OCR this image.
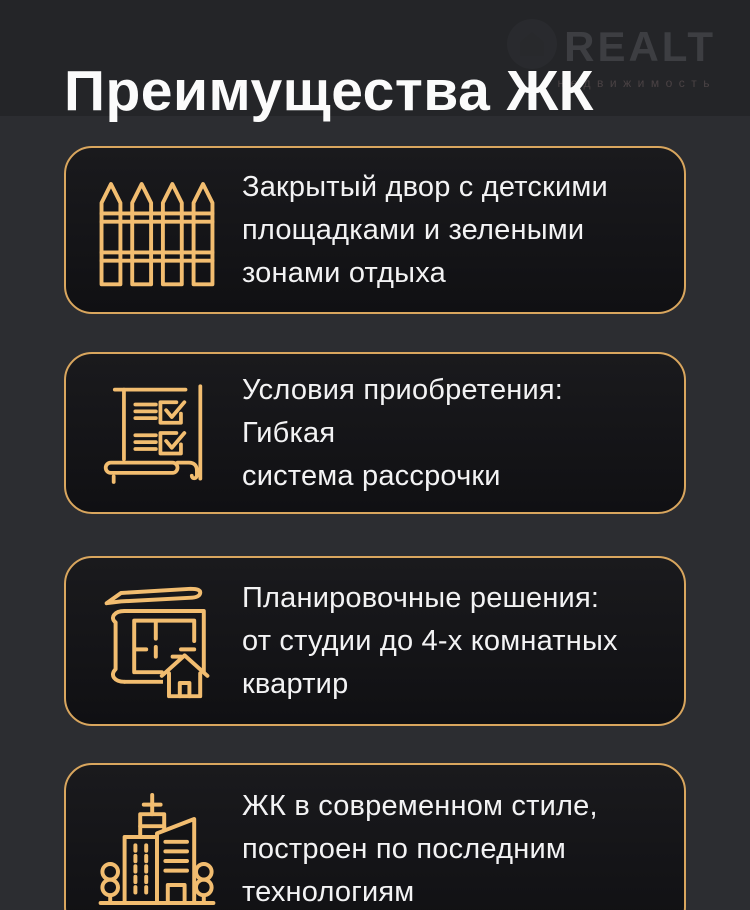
REALT
недвижимость
Преимущества ЖК

Закрытый двор с детскими
площадками и зелеными
зонами отдыха

Условия приобретения: Гибкая
система рассрочки

Планировочные решения:
от студии до 4-х комнатных
квартир

ЖК в современном стиле,
построен по последним
технологиям
